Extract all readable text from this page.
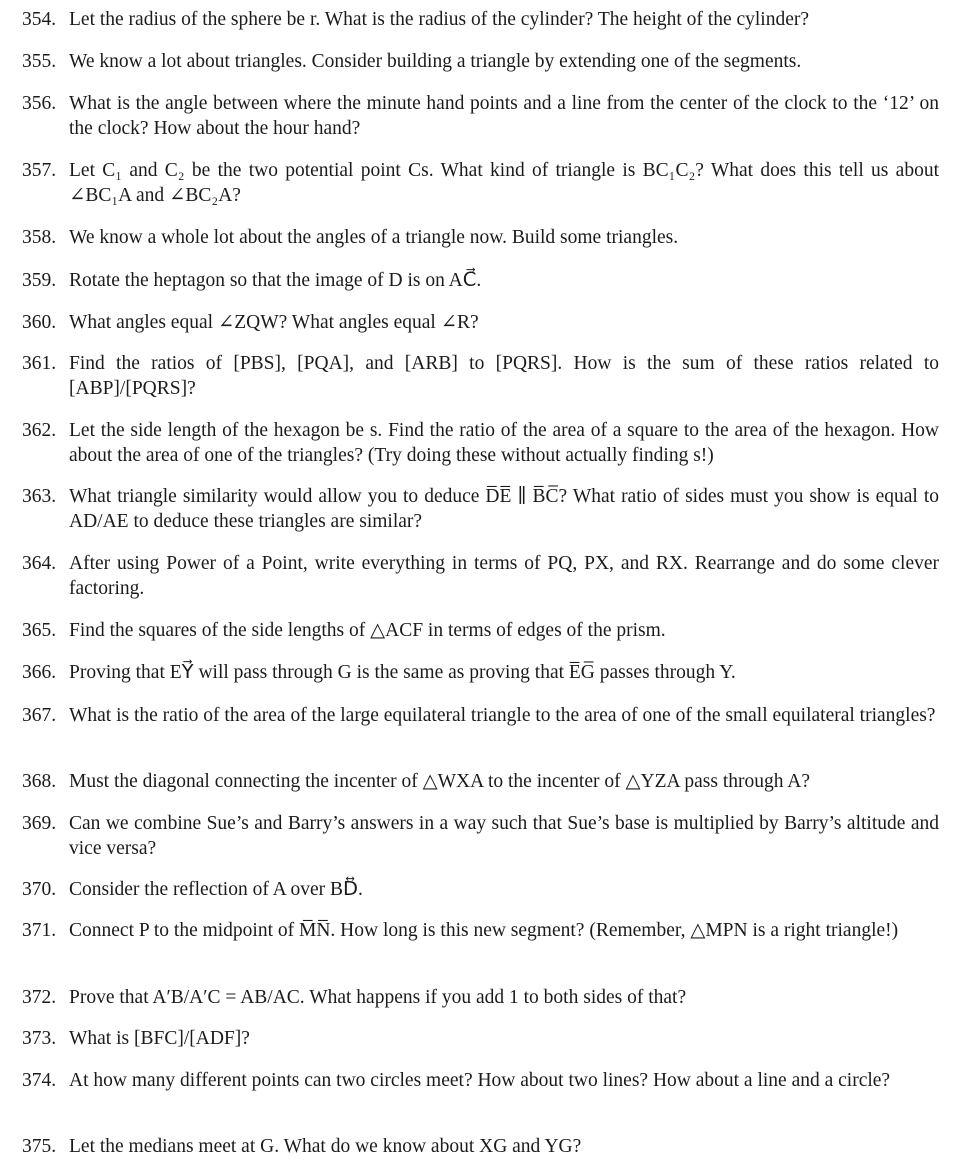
354. Let the radius of the sphere be r. What is the radius of the cylinder? The height of the cylinder?
355. We know a lot about triangles. Consider building a triangle by extending one of the segments.
356. What is the angle between where the minute hand points and a line from the center of the clock to the ‘12’ on the clock? How about the hour hand?
357. Let C₁ and C₂ be the two potential point Cs. What kind of triangle is BC₁C₂? What does this tell us about ∠BC₁A and ∠BC₂A?
358. We know a whole lot about the angles of a triangle now. Build some triangles.
359. Rotate the heptagon so that the image of D is on AC⃗.
360. What angles equal ∠ZQW? What angles equal ∠R?
361. Find the ratios of [PBS], [PQA], and [ARB] to [PQRS]. How is the sum of these ratios related to [ABP]/[PQRS]?
362. Let the side length of the hexagon be s. Find the ratio of the area of a square to the area of the hexagon. How about the area of one of the triangles? (Try doing these without actually finding s!)
363. What triangle similarity would allow you to deduce D̅E̅ ∥ B̅C̅? What ratio of sides must you show is equal to AD/AE to deduce these triangles are similar?
364. After using Power of a Point, write everything in terms of PQ, PX, and RX. Rearrange and do some clever factoring.
365. Find the squares of the side lengths of △ACF in terms of edges of the prism.
366. Proving that EY⃗ will pass through G is the same as proving that E̅G̅ passes through Y.
367. What is the ratio of the area of the large equilateral triangle to the area of one of the small equilateral triangles?
368. Must the diagonal connecting the incenter of △WXA to the incenter of △YZA pass through A?
369. Can we combine Sue’s and Barry’s answers in a way such that Sue’s base is multiplied by Barry’s altitude and vice versa?
370. Consider the reflection of A over BD⃡.
371. Connect P to the midpoint of M̅N̅. How long is this new segment? (Remember, △MPN is a right triangle!)
372. Prove that A′B/A′C = AB/AC. What happens if you add 1 to both sides of that?
373. What is [BFC]/[ADF]?
374. At how many different points can two circles meet? How about two lines? How about a line and a circle?
375. Let the medians meet at G. What do we know about XG and YG?
